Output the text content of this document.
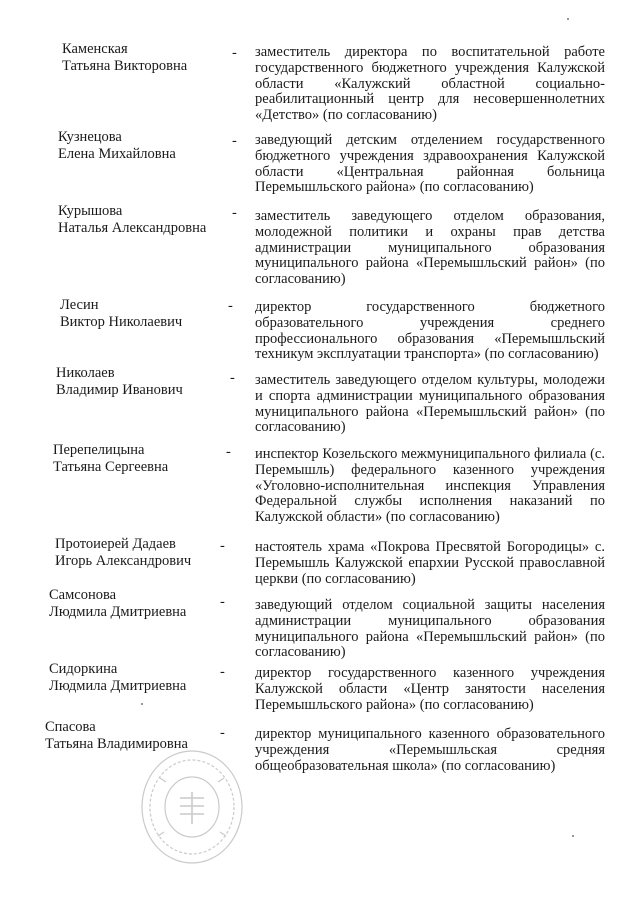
Каменская
Татьяна Викторовна
- заместитель директора по воспитательной работе государственного бюджетного учреждения Калужской области «Калужский областной социально-реабилитационный центр для несовершеннолетних «Детство» (по согласованию)
Кузнецова
Елена Михайловна
- заведующий детским отделением государственного бюджетного учреждения здравоохранения Калужской области «Центральная районная больница Перемышльского района» (по согласованию)
Курышова
Наталья Александровна
- заместитель заведующего отделом образования, молодежной политики и охраны прав детства администрации муниципального образования муниципального района «Перемышльский район» (по согласованию)
Лесин
Виктор Николаевич
- директор государственного бюджетного образовательного учреждения среднего профессионального образования «Перемышльский техникум эксплуатации транспорта» (по согласованию)
Николаев
Владимир Иванович
- заместитель заведующего отделом культуры, молодежи и спорта администрации муниципального образования муниципального района «Перемышльский район» (по согласованию)
Перепелицына
Татьяна Сергеевна
- инспектор Козельского межмуниципального филиала (с. Перемышль) федерального казенного учреждения «Уголовно-исполнительная инспекция Управления Федеральной службы исполнения наказаний по Калужской области» (по согласованию)
Протоиерей Дадаев
Игорь Александрович
- настоятель храма «Покрова Пресвятой Богородицы» с. Перемышль Калужской епархии Русской православной церкви (по согласованию)
Самсонова
Людмила Дмитриевна
- заведующий отделом социальной защиты населения администрации муниципального образования муниципального района «Перемышльский район» (по согласованию)
Сидоркина
Людмила Дмитриевна
- директор государственного казенного учреждения Калужской области «Центр занятости населения Перемышльского района» (по согласованию)
Спасова
Татьяна Владимировна
- директор муниципального казенного образовательного учреждения «Перемышльская средняя общеобразовательная школа» (по согласованию)
